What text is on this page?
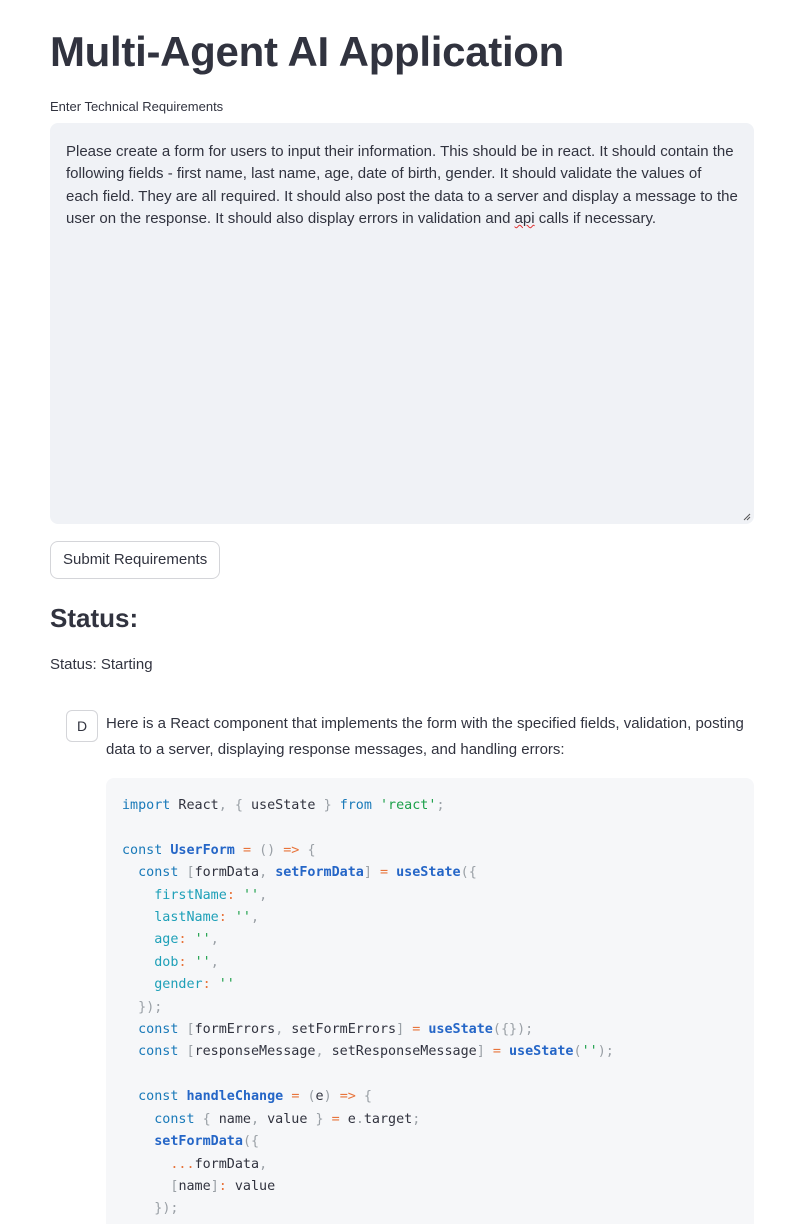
Multi-Agent AI Application
Enter Technical Requirements
Please create a form for users to input their information. This should be in react. It should contain the following fields - first name, last name, age, date of birth, gender. It should validate the values of each field. They are all required. It should also post the data to a server and display a message to the user on the response. It should also display errors in validation and api calls if necessary.
Submit Requirements
Status:
Status: Starting
D	Here is a React component that implements the form with the specified fields, validation, posting data to a server, displaying response messages, and handling errors:
import React, { useState } from 'react';

const UserForm = () => {
const [formData, setFormData] = useState({
firstName: '',
lastName: '',
age: '',
dob: '',
gender: ''
});
const [formErrors, setFormErrors] = useState({});
const [responseMessage, setResponseMessage] = useState('');

const handleChange = (e) => {
const { name, value } = e.target;
setFormData({
...formData,
[name]: value
});
